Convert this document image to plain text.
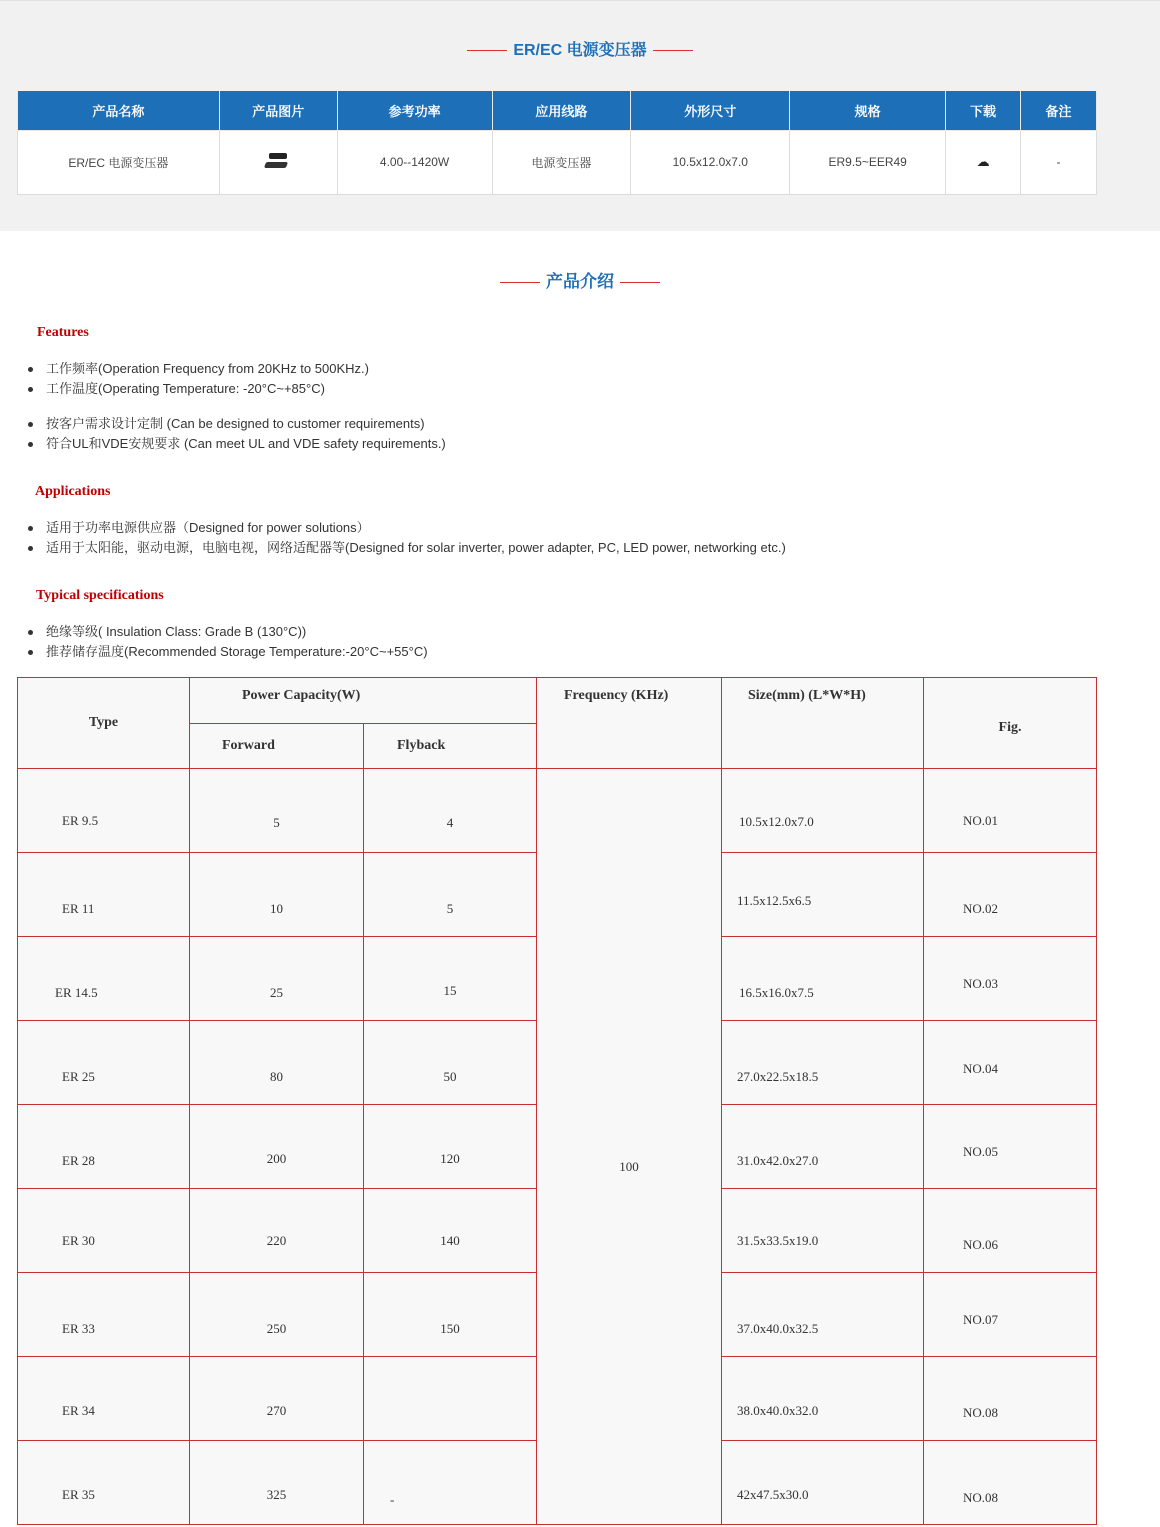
ER/EC 电源变压器
产品名称	产品图片	参考功率	应用线路	外形尺寸	规格	下载	备注
ER/EC 电源变压器		4.00--1420W	电源变压器	10.5x12.0x7.0	ER9.5~EER49	☁	-
产品介绍
Features
工作频率(Operation Frequency from 20KHz to 500KHz.)
工作温度(Operating Temperature: -20°C~+85°C)
按客户需求设计定制 (Can be designed to customer requirements)
符合UL和VDE安规要求 (Can meet UL and VDE safety requirements.)
Applications
适用于功率电源供应器（Designed for power solutions）
适用于太阳能，驱动电源，电脑电视，网络适配器等(Designed for solar inverter, power adapter, PC, LED power, networking etc.)
Typical specifications
绝缘等级( Insulation Class: Grade B (130°C))
推荐储存温度(Recommended Storage Temperature:-20°C~+55°C)
Type	Power Capacity(W)		Frequency (KHz)	Size(mm) (L*W*H)	Fig.
	Forward	Flyback			
ER 9.5	5	4	100	10.5x12.0x7.0	NO.01
ER 11	10	5		11.5x12.5x6.5	NO.02
ER 14.5	25	15		16.5x16.0x7.5	NO.03
ER 25	80	50		27.0x22.5x18.5	NO.04
ER 28	200	120		31.0x42.0x27.0	NO.05
ER 30	220	140		31.5x33.5x19.0	NO.06
ER 33	250	150		37.0x40.0x32.5	NO.07
ER 34	270			38.0x40.0x32.0	NO.08
ER 35	325	-		42x47.5x30.0	NO.08
